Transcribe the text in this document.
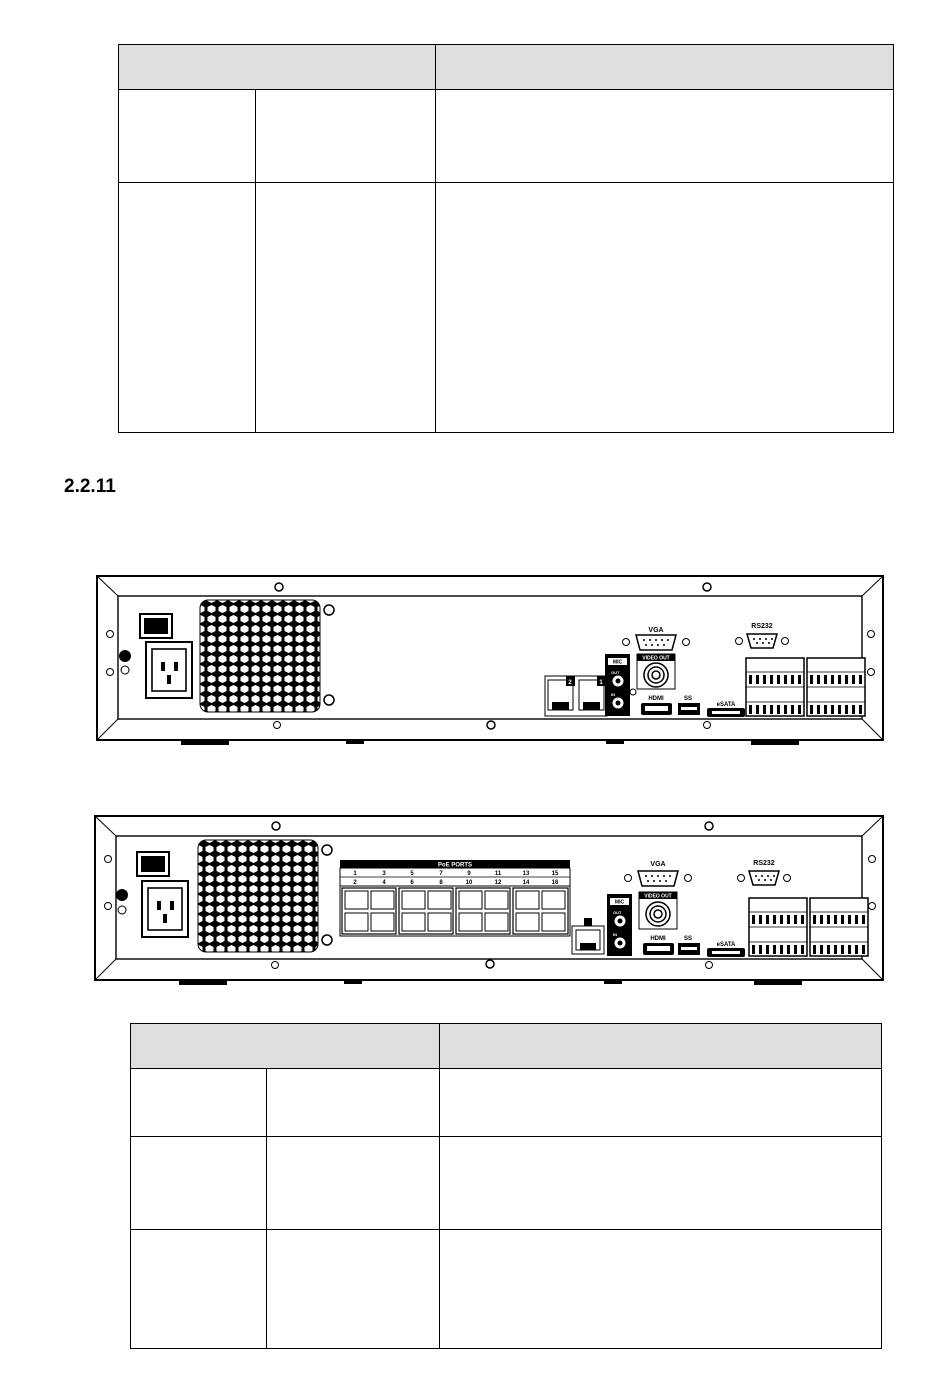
2.2.11
2	1
MIC
OUT
IN
VGA
VIDEO OUT
HDMI	SS
eSATA
RS232
PoE PORTS
1	3	5	7	9	11	13	15
2	4	6	8	10	12	14	16
MIC
OUT
IN
VGA
VIDEO OUT
HDMI	SS
eSATA
RS232
